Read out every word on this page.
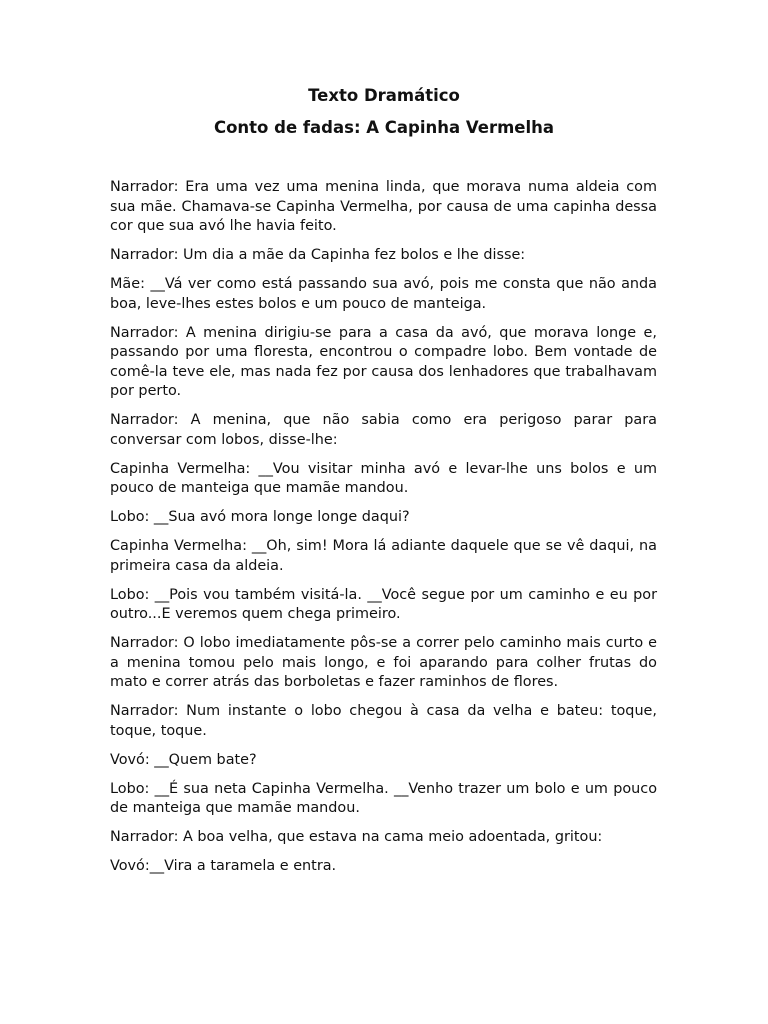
Texto Dramático
Conto de fadas: A Capinha Vermelha

Narrador: Era uma vez uma menina linda, que morava numa aldeia com sua mãe. Chamava-se Capinha Vermelha, por causa de uma capinha dessa cor que sua avó lhe havia feito.

Narrador: Um dia a mãe da Capinha fez bolos e lhe disse:

Mãe: __Vá ver como está passando sua avó, pois me consta que não anda boa, leve-lhes estes bolos e um pouco de manteiga.

Narrador: A menina dirigiu-se para a casa da avó, que morava longe e, passando por uma floresta, encontrou o compadre lobo. Bem vontade de comê-la teve ele, mas nada fez por causa dos lenhadores que trabalhavam por perto.

Narrador: A menina, que não sabia como era perigoso parar para conversar com lobos, disse-lhe:

Capinha Vermelha: __Vou visitar minha avó e levar-lhe uns bolos e um pouco de manteiga que mamãe mandou.

Lobo: __Sua avó mora longe longe daqui?

Capinha Vermelha: __Oh, sim! Mora lá adiante daquele que se vê daqui, na primeira casa da aldeia.

Lobo: __Pois vou também visitá-la. __Você segue por um caminho e eu por outro...E veremos quem chega primeiro.

Narrador: O lobo imediatamente pôs-se a correr pelo caminho mais curto e a menina tomou pelo mais longo, e foi aparando para colher frutas do mato e correr atrás das borboletas e fazer raminhos de flores.

Narrador: Num instante o lobo chegou à casa da velha e bateu: toque, toque, toque.

Vovó: __Quem bate?

Lobo: __É sua neta Capinha Vermelha. __Venho trazer um bolo e um pouco de manteiga que mamãe mandou.

Narrador: A boa velha, que estava na cama meio adoentada, gritou:

Vovó:__Vira a taramela e entra.
